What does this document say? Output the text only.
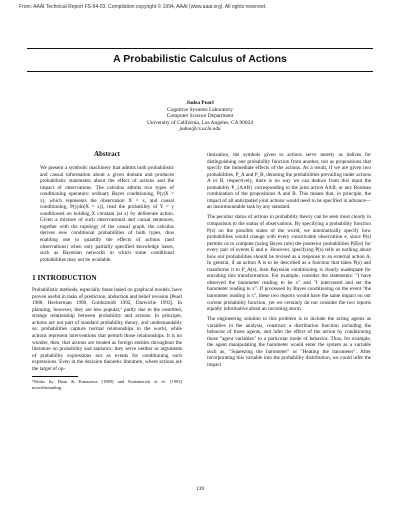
From: AAAI Technical Report FS-94-03. Compilation copyright © 1994, AAAI (www.aaai.org). All rights reserved.
A Probabilistic Calculus of Actions
Judea Pearl
Cognitive Systems Laboratory
Computer Science Department
University of California, Los Angeles, CA 90024
judea@cs.ucla.edu
Abstract

We present a symbolic machinery that admits both probabilistic and causal information about a given domain and produces probabilistic statements about the effect of actions and the impact of observations. The calculus admits two types of conditioning operators: ordinary Bayes conditioning, P(y|X = x), which represents the observation X = x, and causal conditioning, P(y|do(X = x)), read the probability of Y = y conditioned on holding X constant (at x) by deliberate action. Given a mixture of such observational and causal sentences, together with the topology of the causal graph, the calculus derives new conditional probabilities of both types, thus enabling one to quantify the effects of actions (and observations) when only partially specified knowledge bases, such as Bayesian networks in which some conditional probabilities may not be available.

1 INTRODUCTION

Probabilistic methods, especially those based on graphical models, have proven useful in tasks of prediction, abduction and belief revision [Pearl 1988, Heckerman 1990, Goldszmidt 1992, Darwiche 1993]. In planning, however, they are less popular,¹ partly due to the unsettled, strange relationship between probability and actions. In principle, actions are not part of standard probability theory, and understandably so: probabilities capture normal relationships in the world, while actions represent interventions that perturb those relationships. It is no wonder, then, that actions are treated as foreign entities throughout the literature on probability and statistics; they serve neither as arguments of probability expressions nor as events for conditioning such expressions. Even in the decision theoretic literature, where actions are the target of op-

¹Works by Dean & Kanazawa [1989] and Kushmerick et al. [1993] notwithstanding.

timization, the symbols given to actions serve merely as indices for distinguishing one probability function from another, not as propositions that specify the immediate effects of the actions. As a result, if we are given two probabilities, P_A and P_B, denoting the probabilities prevailing under actions A or B, respectively, there is no way we can deduce from this input the probability P_{A∧B} corresponding to the joint action A∧B, or any Boolean combination of the propositions A and B. This means that, in principle, the impact of all anticipated joint actions would need to be specified in advance—an insurmountable task by any standard.

The peculiar status of actions in probability theory can be seen most clearly in comparison to the status of observations. By specifying a probability function P(s) on the possible states of the world, we automatically specify how probabilities would change with every conceivable observation e, since P(s) permits us to compute (using Bayes rule) the posterior probabilities P(E|e) for every pair of events E and e. However, specifying P(s) tells us nothing about how our probabilities should be revised as a response to an external action A. In general, if an action A is to be described as a function that takes P(s) and transforms it to P_A(s), then Bayesian conditioning is clearly inadequate for encoding this transformation. For example, consider the statements: "I have observed the barometer reading to be x" and "I intervened and set the barometer reading to x". If processed by Bayes conditioning on the event "the barometer reading is x", these two reports would have the same impact on our current probability function, yet we certainly do not consider the two reports equally informative about an incoming storm.

The engineering solution to this problem is to include the acting agents as variables in the analysis, construct a distribution function including the behavior of those agents, and infer the effect of the action by conditioning those "agent variables" to a particular mode of behavior. Thus, for example, the agent manipulating the barometer would enter the system as a variable such as, "Squeezing the barometer" or "Heating the barometer". After incorporating this variable into the probability distribution, we could infer the impact

139
